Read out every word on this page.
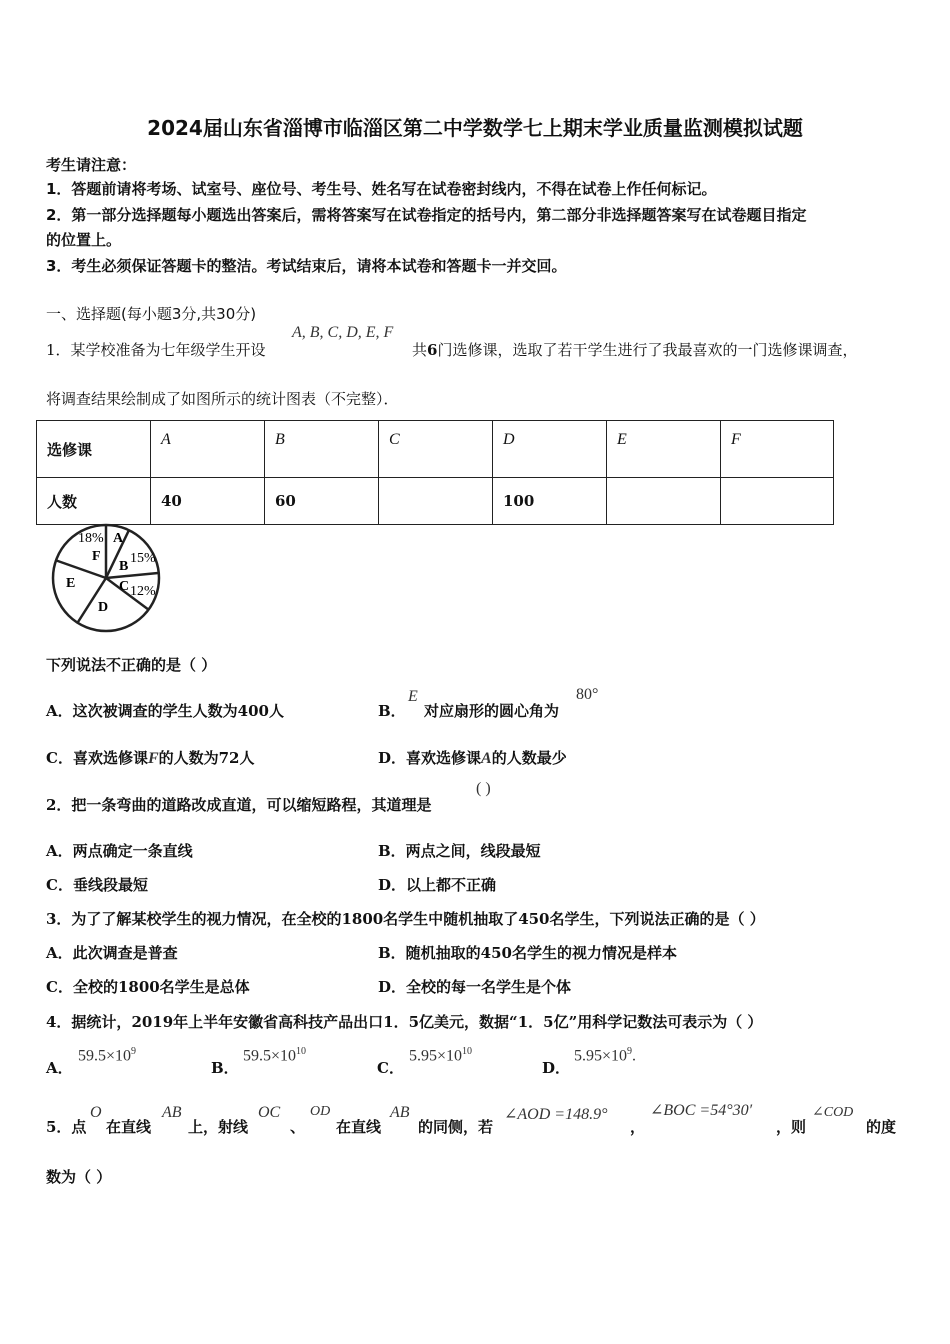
2024届山东省淄博市临淄区第二中学数学七上期末学业质量监测模拟试题
考生请注意：
1．答题前请将考场、试室号、座位号、考生号、姓名写在试卷密封线内，不得在试卷上作任何标记。
2．第一部分选择题每小题选出答案后，需将答案写在试卷指定的括号内，第二部分非选择题答案写在试卷题目指定
的位置上。
3．考生必须保证答题卡的整洁。考试结束后，请将本试卷和答题卡一并交回。
一、选择题(每小题3分,共30分)
1．某学校准备为七年级学生开设
A, B, C, D, E, F
共6门选修课，选取了若干学生进行了我最喜欢的一门选修课调查，
将调查结果绘制成了如图所示的统计图表（不完整）．
选修课	A	B	C	D	E	F
人数	40	60		100		
18%
F
A
15%
B
C 12%
D
E
下列说法不正确的是（ ）
A．这次被调查的学生人数为400人	B．
E
对应扇形的圆心角为
80°
C．喜欢选修课F的人数为72人	D．喜欢选修课A的人数最少
2．把一条弯曲的道路改成直道，可以缩短路程，其道理是
( )
A．两点确定一条直线	B．两点之间，线段最短
C．垂线段最短	D．以上都不正确
3．为了了解某校学生的视力情况，在全校的1800名学生中随机抽取了450名学生，下列说法正确的是（ ）
A．此次调查是普查	B．随机抽取的450名学生的视力情况是样本
C．全校的1800名学生是总体	D．全校的每一名学生是个体
4．据统计，2019年上半年安徽省高科技产品出口1．5亿美元，数据“1．5亿”用科学记数法可表示为（ ）
A．
$59.5\times 10^9$
B．
$59.5\times 10^{10}$
C．
$5.95\times 10^{10}$
D．
$5.95\times 10^9$.
5．点
O
在直线
AB
上，射线
OC
、
OD
在直线
AB
的同侧，若
∠AOD =148.9°
，
∠BOC =54°30′
，则
∠COD
的度
数为（ ）
